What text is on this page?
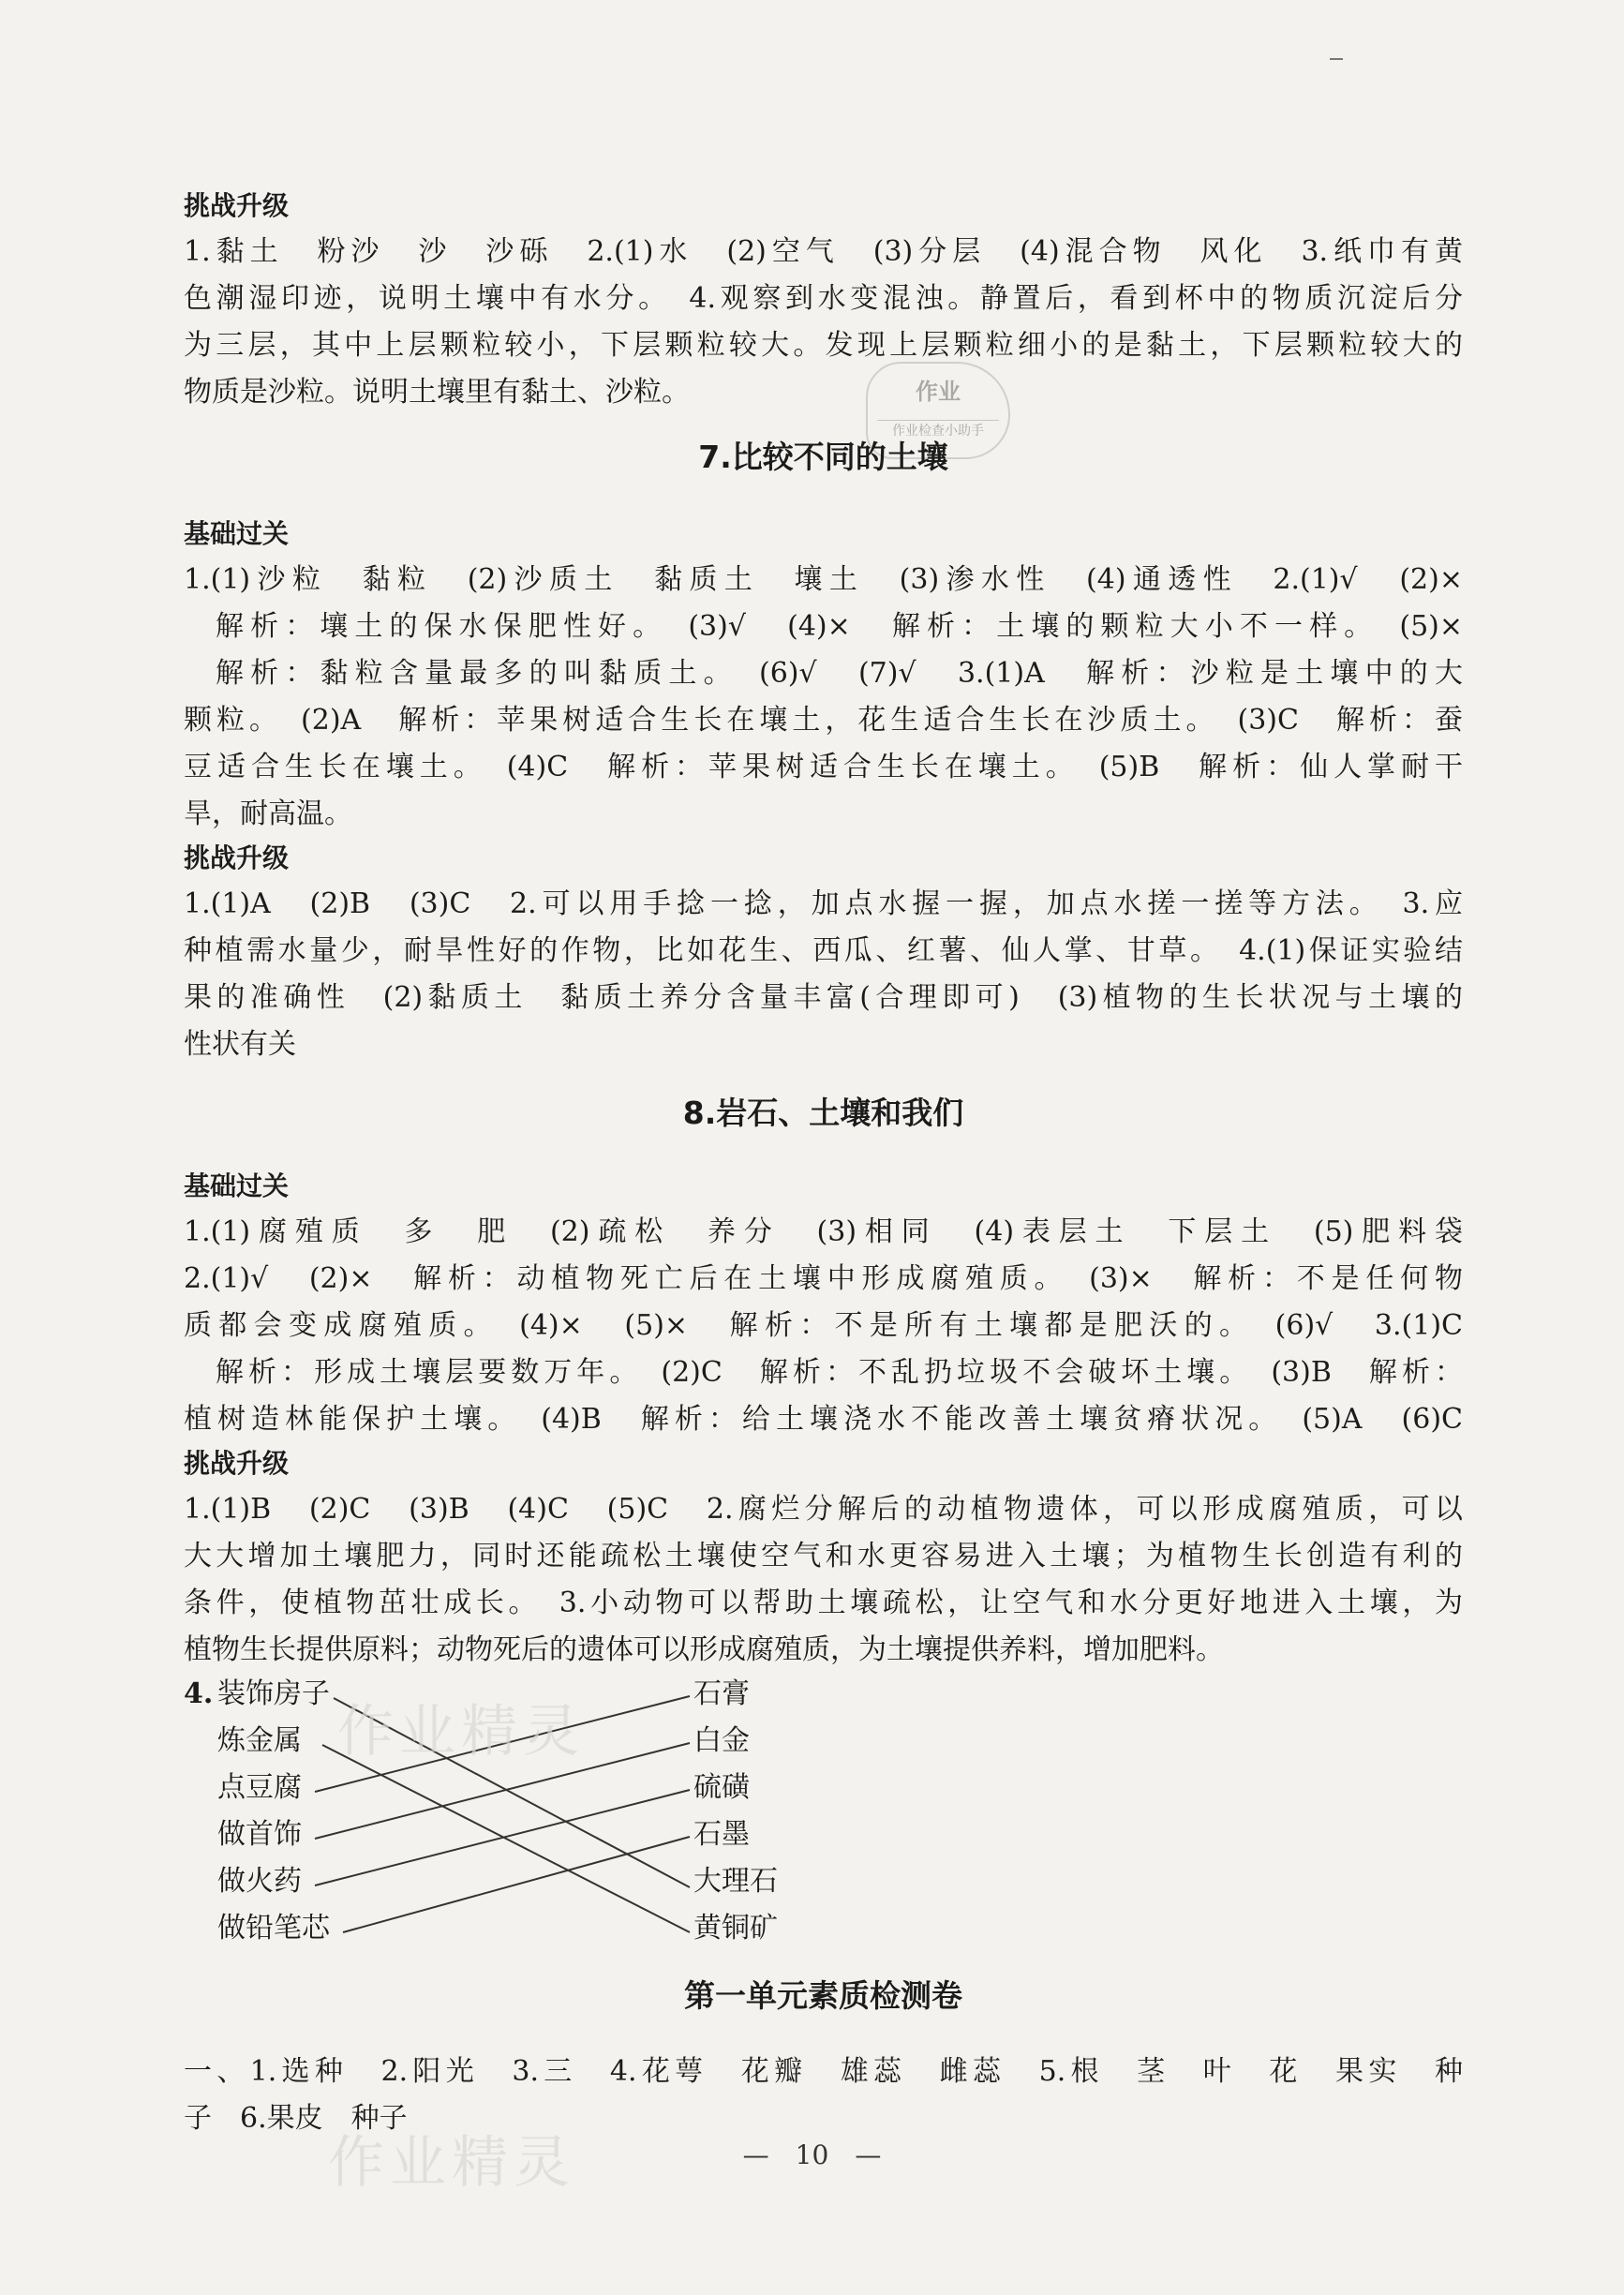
挑战升级
1.黏土　粉沙　沙　沙砾　2.(1)水　(2)空气　(3)分层　(4)混合物　风化　3.纸巾有黄
色潮湿印迹，说明土壤中有水分。　4.观察到水变混浊。静置后，看到杯中的物质沉淀后分
为三层，其中上层颗粒较小，下层颗粒较大。发现上层颗粒细小的是黏土，下层颗粒较大的
物质是沙粒。说明土壤里有黏土、沙粒。	作业
作业检查小助手
7.比较不同的土壤
基础过关
1.(1)沙粒　黏粒　(2)沙质土　黏质土　壤土　(3)渗水性　(4)通透性　2.(1)√　(2)×
解析：壤土的保水保肥性好。　(3)√　(4)×　解析：土壤的颗粒大小不一样。　(5)×
解析：黏粒含量最多的叫黏质土。　(6)√　(7)√　3.(1)A　解析：沙粒是土壤中的大
颗粒。　(2)A　解析：苹果树适合生长在壤土，花生适合生长在沙质土。　(3)C　解析：蚕
豆适合生长在壤土。　(4)C　解析：苹果树适合生长在壤土。　(5)B　解析：仙人掌耐干
旱，耐高温。
挑战升级
1.(1)A　(2)B　(3)C　2.可以用手捻一捻，加点水握一握，加点水搓一搓等方法。　3.应
种植需水量少，耐旱性好的作物，比如花生、西瓜、红薯、仙人掌、甘草。　4.(1)保证实验结
果的准确性　(2)黏质土　黏质土养分含量丰富(合理即可)　(3)植物的生长状况与土壤的
性状有关
8.岩石、土壤和我们
基础过关
1.(1)腐殖质　多　肥　(2)疏松　养分　(3)相同　(4)表层土　下层土　(5)肥料袋
2.(1)√　(2)×　解析：动植物死亡后在土壤中形成腐殖质。　(3)×　解析：不是任何物
质都会变成腐殖质。　(4)×　(5)×　解析：不是所有土壤都是肥沃的。　(6)√　3.(1)C
解析：形成土壤层要数万年。　(2)C　解析：不乱扔垃圾不会破坏土壤。　(3)B　解析：
植树造林能保护土壤。　(4)B　解析：给土壤浇水不能改善土壤贫瘠状况。　(5)A　(6)C
挑战升级
1.(1)B　(2)C　(3)B　(4)C　(5)C　2.腐烂分解后的动植物遗体，可以形成腐殖质，可以
大大增加土壤肥力，同时还能疏松土壤使空气和水更容易进入土壤；为植物生长创造有利的
条件，使植物茁壮成长。　3.小动物可以帮助土壤疏松，让空气和水分更好地进入土壤，为
植物生长提供原料；动物死后的遗体可以形成腐殖质，为土壤提供养料，增加肥料。
4. 装饰房子
炼金属
点豆腐
做首饰
做火药
做铅笔芯
石膏
白金
硫磺
石墨
大理石
黄铜矿
作业精灵
第一单元素质检测卷
一、1.选种　2.阳光　3.三　4.花萼　花瓣　雄蕊　雌蕊　5.根　茎　叶　花　果实　种
子　6.果皮　种子
作业精灵	—　10　—
